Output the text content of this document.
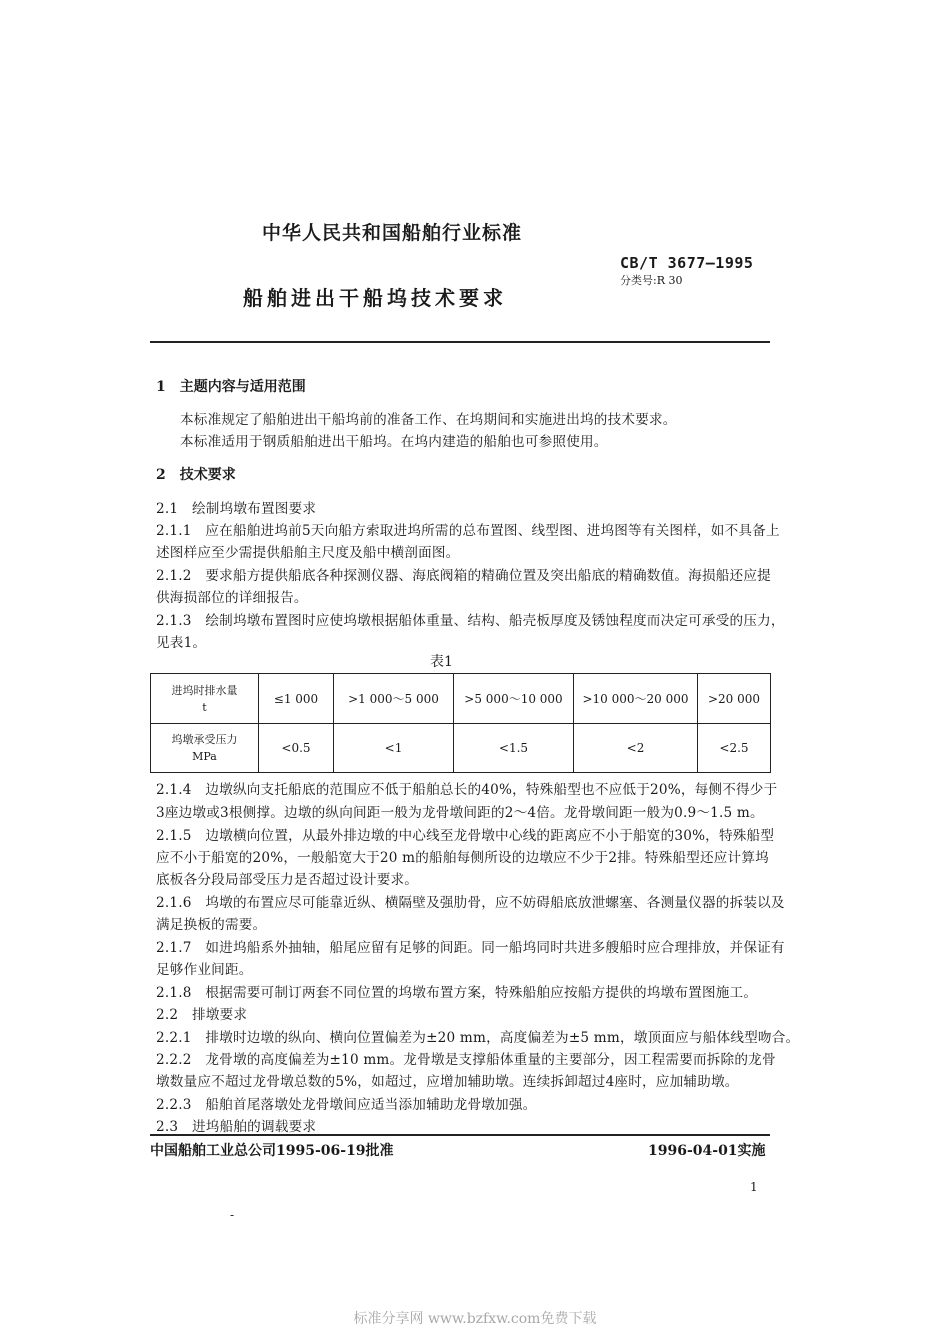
中华人民共和国船舶行业标准
CB/T 3677—1995
分类号:R 30
船舶进出干船坞技术要求
1　主题内容与适用范围
本标准规定了船舶进出干船坞前的准备工作、在坞期间和实施进出坞的技术要求。
本标准适用于钢质船舶进出干船坞。在坞内建造的船舶也可参照使用。
2　技术要求
2.1　绘制坞墩布置图要求
2.1.1　应在船舶进坞前5天向船方索取进坞所需的总布置图、线型图、进坞图等有关图样，如不具备上
述图样应至少需提供船舶主尺度及船中横剖面图。
2.1.2　要求船方提供船底各种探测仪器、海底阀箱的精确位置及突出船底的精确数值。海损船还应提
供海损部位的详细报告。
2.1.3　绘制坞墩布置图时应使坞墩根据船体重量、结构、船壳板厚度及锈蚀程度而决定可承受的压力，
见表1。
表1
进坞时排水量
t	≤1 000	>1 000～5 000	>5 000～10 000	>10 000～20 000	>20 000
坞墩承受压力
MPa	<0.5	<1	<1.5	<2	<2.5
2.1.4　边墩纵向支托船底的范围应不低于船舶总长的40%，特殊船型也不应低于20%，每侧不得少于
3座边墩或3根侧撑。边墩的纵向间距一般为龙骨墩间距的2～4倍。龙骨墩间距一般为0.9～1.5 m。
2.1.5　边墩横向位置，从最外排边墩的中心线至龙骨墩中心线的距离应不小于船宽的30%，特殊船型
应不小于船宽的20%，一般船宽大于20 m的船舶每侧所设的边墩应不少于2排。特殊船型还应计算坞
底板各分段局部受压力是否超过设计要求。
2.1.6　坞墩的布置应尽可能靠近纵、横隔壁及强肋骨，应不妨碍船底放泄螺塞、各测量仪器的拆装以及
满足换板的需要。
2.1.7　如进坞船系外抽轴，船尾应留有足够的间距。同一船坞同时共进多艘船时应合理排放，并保证有
足够作业间距。
2.1.8　根据需要可制订两套不同位置的坞墩布置方案，特殊船舶应按船方提供的坞墩布置图施工。
2.2　排墩要求
2.2.1　排墩时边墩的纵向、横向位置偏差为±20 mm，高度偏差为±5 mm，墩顶面应与船体线型吻合。
2.2.2　龙骨墩的高度偏差为±10 mm。龙骨墩是支撑船体重量的主要部分，因工程需要而拆除的龙骨
墩数量应不超过龙骨墩总数的5%，如超过，应增加辅助墩。连续拆卸超过4座时，应加辅助墩。
2.2.3　船舶首尾落墩处龙骨墩间应适当添加辅助龙骨墩加强。
2.3　进坞船舶的调载要求
中国船舶工业总公司1995-06-19批准	1996-04-01实施
1
-
标准分享网 www.bzfxw.com免费下载
